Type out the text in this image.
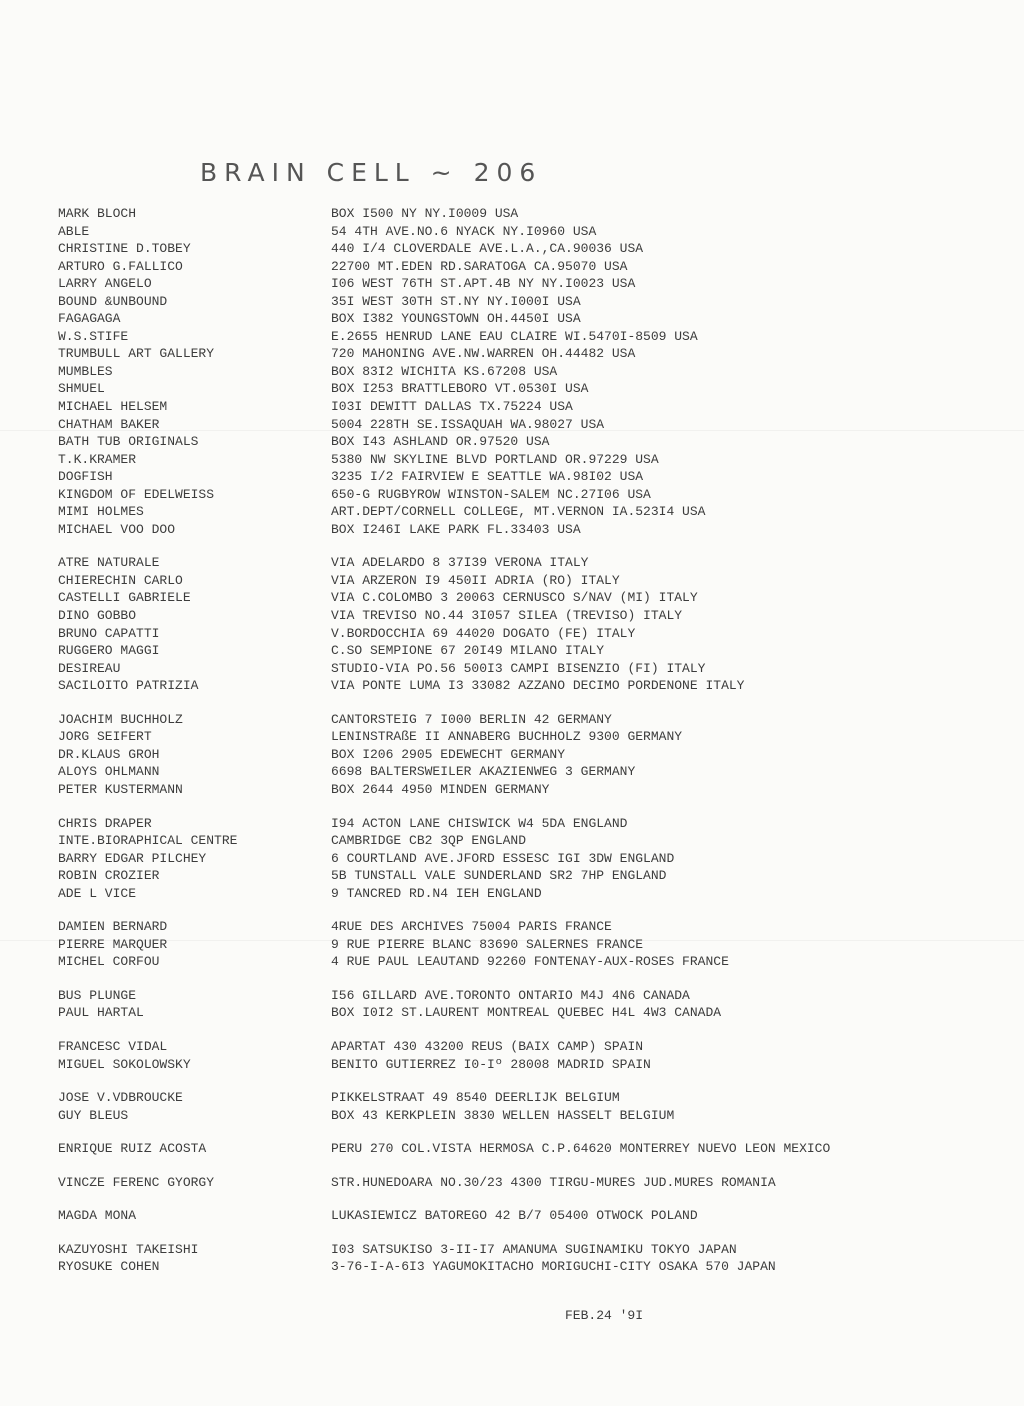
BRAIN CELL ~ 206
MARK BLOCH	BOX I500 NY NY.I0009 USA
ABLE	54 4TH AVE.NO.6 NYACK NY.I0960 USA
CHRISTINE D.TOBEY	440 I/4 CLOVERDALE AVE.L.A.,CA.90036 USA
ARTURO G.FALLICO	22700 MT.EDEN RD.SARATOGA CA.95070 USA
LARRY ANGELO	I06 WEST 76TH ST.APT.4B NY NY.I0023 USA
BOUND &UNBOUND	35I WEST 30TH ST.NY NY.I000I USA
FAGAGAGA	BOX I382 YOUNGSTOWN OH.4450I USA
W.S.STIFE	E.2655 HENRUD LANE EAU CLAIRE WI.5470I-8509 USA
TRUMBULL ART GALLERY	720 MAHONING AVE.NW.WARREN OH.44482 USA
MUMBLES	BOX 83I2 WICHITA KS.67208 USA
SHMUEL	BOX I253 BRATTLEBORO VT.0530I USA
MICHAEL HELSEM	I03I DEWITT DALLAS TX.75224 USA
CHATHAM BAKER	5004 228TH SE.ISSAQUAH WA.98027 USA
BATH TUB ORIGINALS	BOX I43 ASHLAND OR.97520 USA
T.K.KRAMER	5380 NW SKYLINE BLVD PORTLAND OR.97229 USA
DOGFISH	3235 I/2 FAIRVIEW E SEATTLE WA.98I02 USA
KINGDOM OF EDELWEISS	650-G RUGBYROW WINSTON-SALEM NC.27I06 USA
MIMI HOLMES	ART.DEPT/CORNELL COLLEGE, MT.VERNON IA.523I4 USA
MICHAEL VOO DOO	BOX I246I LAKE PARK FL.33403 USA
ATRE NATURALE	VIA ADELARDO 8 37I39 VERONA ITALY
CHIERECHIN CARLO	VIA ARZERON I9 450II ADRIA (RO) ITALY
CASTELLI GABRIELE	VIA C.COLOMBO 3 20063 CERNUSCO S/NAV (MI) ITALY
DINO GOBBO	VIA TREVISO NO.44 3I057 SILEA (TREVISO) ITALY
BRUNO CAPATTI	V.BORDOCCHIA 69 44020 DOGATO (FE) ITALY
RUGGERO MAGGI	C.SO SEMPIONE 67 20I49 MILANO ITALY
DESIREAU	STUDIO-VIA PO.56 500I3 CAMPI BISENZIO (FI) ITALY
SACILOITO PATRIZIA	VIA PONTE LUMA I3 33082 AZZANO DECIMO PORDENONE ITALY
JOACHIM BUCHHOLZ	CANTORSTEIG 7 I000 BERLIN 42 GERMANY
JORG SEIFERT	LENINSTRAßE II ANNABERG BUCHHOLZ 9300 GERMANY
DR.KLAUS GROH	BOX I206 2905 EDEWECHT GERMANY
ALOYS OHLMANN	6698 BALTERSWEILER AKAZIENWEG 3 GERMANY
PETER KUSTERMANN	BOX 2644 4950 MINDEN GERMANY
CHRIS DRAPER	I94 ACTON LANE CHISWICK W4 5DA ENGLAND
INTE.BIORAPHICAL CENTRE	CAMBRIDGE CB2 3QP ENGLAND
BARRY EDGAR PILCHEY	6 COURTLAND AVE.JFORD ESSESC IGI 3DW ENGLAND
ROBIN CROZIER	5B TUNSTALL VALE SUNDERLAND SR2 7HP ENGLAND
ADE L VICE	9 TANCRED RD.N4 IEH ENGLAND
DAMIEN BERNARD	4RUE DES ARCHIVES 75004 PARIS FRANCE
PIERRE MARQUER	9 RUE PIERRE BLANC 83690 SALERNES FRANCE
MICHEL CORFOU	4 RUE PAUL LEAUTAND 92260 FONTENAY-AUX-ROSES FRANCE
BUS PLUNGE	I56 GILLARD AVE.TORONTO ONTARIO M4J 4N6 CANADA
PAUL HARTAL	BOX I0I2 ST.LAURENT MONTREAL QUEBEC H4L 4W3 CANADA
FRANCESC VIDAL	APARTAT 430 43200 REUS (BAIX CAMP) SPAIN
MIGUEL SOKOLOWSKY	BENITO GUTIERREZ I0-Iº 28008 MADRID SPAIN
JOSE V.VDBROUCKE	PIKKELSTRAAT 49 8540 DEERLIJK BELGIUM
GUY BLEUS	BOX 43 KERKPLEIN 3830 WELLEN HASSELT BELGIUM
ENRIQUE RUIZ ACOSTA	PERU 270 COL.VISTA HERMOSA C.P.64620 MONTERREY NUEVO LEON MEXICO
VINCZE FERENC GYORGY	STR.HUNEDOARA NO.30/23 4300 TIRGU-MURES JUD.MURES ROMANIA
MAGDA MONA	LUKASIEWICZ BATOREGO 42 B/7 05400 OTWOCK POLAND
KAZUYOSHI TAKEISHI	I03 SATSUKISO 3-II-I7 AMANUMA SUGINAMIKU TOKYO JAPAN
RYOSUKE COHEN	3-76-I-A-6I3 YAGUMOKITACHO MORIGUCHI-CITY OSAKA 570 JAPAN
FEB.24 '9I
